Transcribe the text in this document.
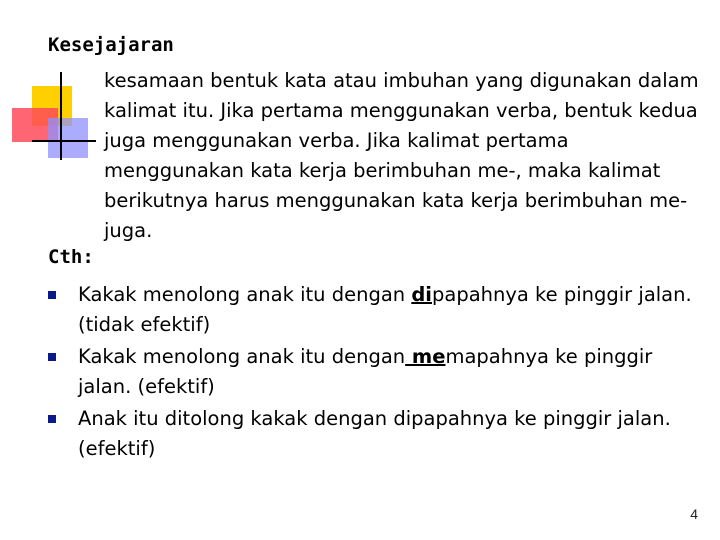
Kesejajaran
kesamaan bentuk kata atau imbuhan yang digunakan dalam kalimat itu. Jika pertama menggunakan verba, bentuk kedua juga menggunakan verba. Jika kalimat pertama menggunakan kata kerja berimbuhan me-, maka kalimat berikutnya harus menggunakan kata kerja berimbuhan me- juga.
Cth:
Kakak menolong anak itu dengan dipapahnya ke pinggir jalan. (tidak efektif)
Kakak menolong anak itu dengan memapahnya ke pinggir jalan. (efektif)
Anak itu ditolong kakak dengan dipapahnya ke pinggir jalan. (efektif)
4
